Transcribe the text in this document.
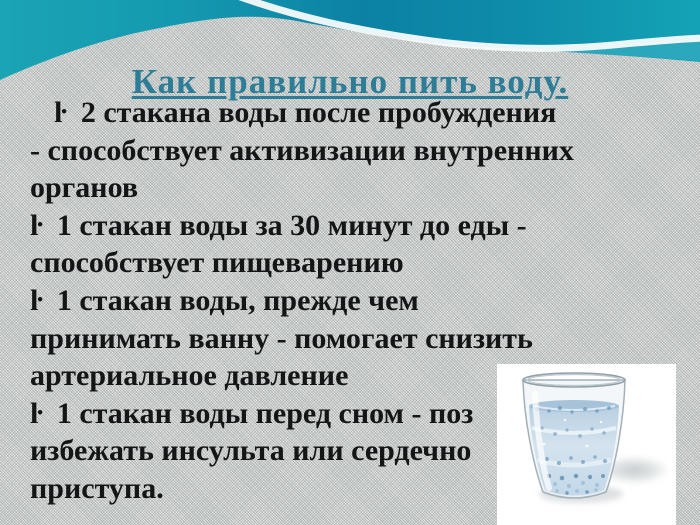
Как правильно пить воду.
ŀ  2 стакана воды после пробуждения
- способствует активизации внутренних
органов
ŀ  1 стакан воды за 30 минут до еды -
способствует пищеварению
ŀ  1 стакан воды, прежде чем
принимать ванну - помогает снизить
артериальное давление
ŀ  1 стакан воды перед сном - поз
избежать инсульта или сердечно
приступа.
